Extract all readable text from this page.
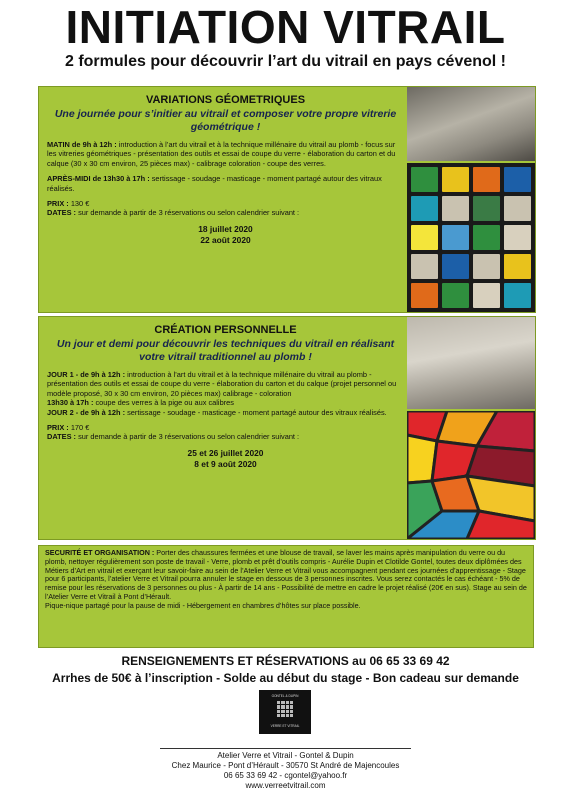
INITIATION VITRAIL
2 formules pour découvrir l’art du vitrail en pays cévenol !
VARIATIONS GÉOMETRIQUES
Une journée pour s’initier au vitrail et composer votre propre vitrerie géométrique !
MATIN de 9h à 12h : introduction à l’art du vitrail et à la technique millénaire du vitrail au plomb - focus sur les vitreries géométriques - présentation des outils et essai de coupe du verre - élaboration du carton et du calque (30 x 30 cm environ, 25 pièces max) - calibrage coloration - coupe des verres.
APRÈS-MIDI de 13h30 à 17h : sertissage - soudage - masticage - moment partagé autour des vitraux réalisés.
PRIX : 130 €
DATES : sur demande à partir de 3 réservations ou selon calendrier suivant :
18 juillet 2020
22 août 2020
CRÉATION PERSONNELLE
Un jour et demi pour découvrir les techniques du vitrail en réalisant votre vitrail traditionnel au plomb !
JOUR 1 - de 9h à 12h : introduction à l’art du vitrail et à la technique millénaire du vitrail au plomb - présentation des outils et essai de coupe du verre - élaboration du carton et du calque (projet personnel ou modèle proposé, 30 x 30 cm environ, 20 pièces max) calibrage - coloration
13h30 à 17h : coupe des verres à la pige ou aux calibres
JOUR 2 - de 9h à 12h : sertissage - soudage - masticage - moment partagé autour des vitraux réalisés.
PRIX : 170 €
DATES : sur demande à partir de 3 réservations ou selon calendrier suivant :
25 et 26 juillet 2020
8 et 9 août 2020
SECURITÉ ET ORGANISATION : Porter des chaussures fermées et une blouse de travail, se laver les mains après manipulation du verre ou du plomb, nettoyer régulièrement son poste de travail - Verre, plomb et prêt d’outils compris - Aurélie Dupin et Clotilde Gontel, toutes deux diplômées des Métiers d’Art en vitrail et exerçant leur savoir-faire au sein de l’Atelier Verre et Vitrail vous accompagnent pendant ces journées d’apprentissage - Stage pour 6 participants, l’atelier Verre et Vitrail pourra annuler le stage en dessous de 3 personnes inscrites. Vous serez contactés le cas échéant - 5% de remise pour les réservations de 3 personnes ou plus - À partir de 14 ans - Possibilité de mettre en cadre le projet réalisé (20€ en sus). Stage au sein de l’Atelier Verre et Vitrail à Pont d’Hérault.
Pique-nique partagé pour la pause de midi - Hébergement en chambres d’hôtes sur place possible.
RENSEIGNEMENTS ET RÉSERVATIONS au 06 65 33 69 42
Arrhes de 50€ à l’inscription - Solde au début du stage - Bon cadeau sur demande
GONTEL & DUPIN
VERRE ET VITRAIL
Atelier Verre et Vitrail - Gontel & Dupin
Chez Maurice - Pont d’Hérault - 30570 St André de Majencoules
06 65 33 69 42 - cgontel@yahoo.fr
www.verreetvitrail.com
